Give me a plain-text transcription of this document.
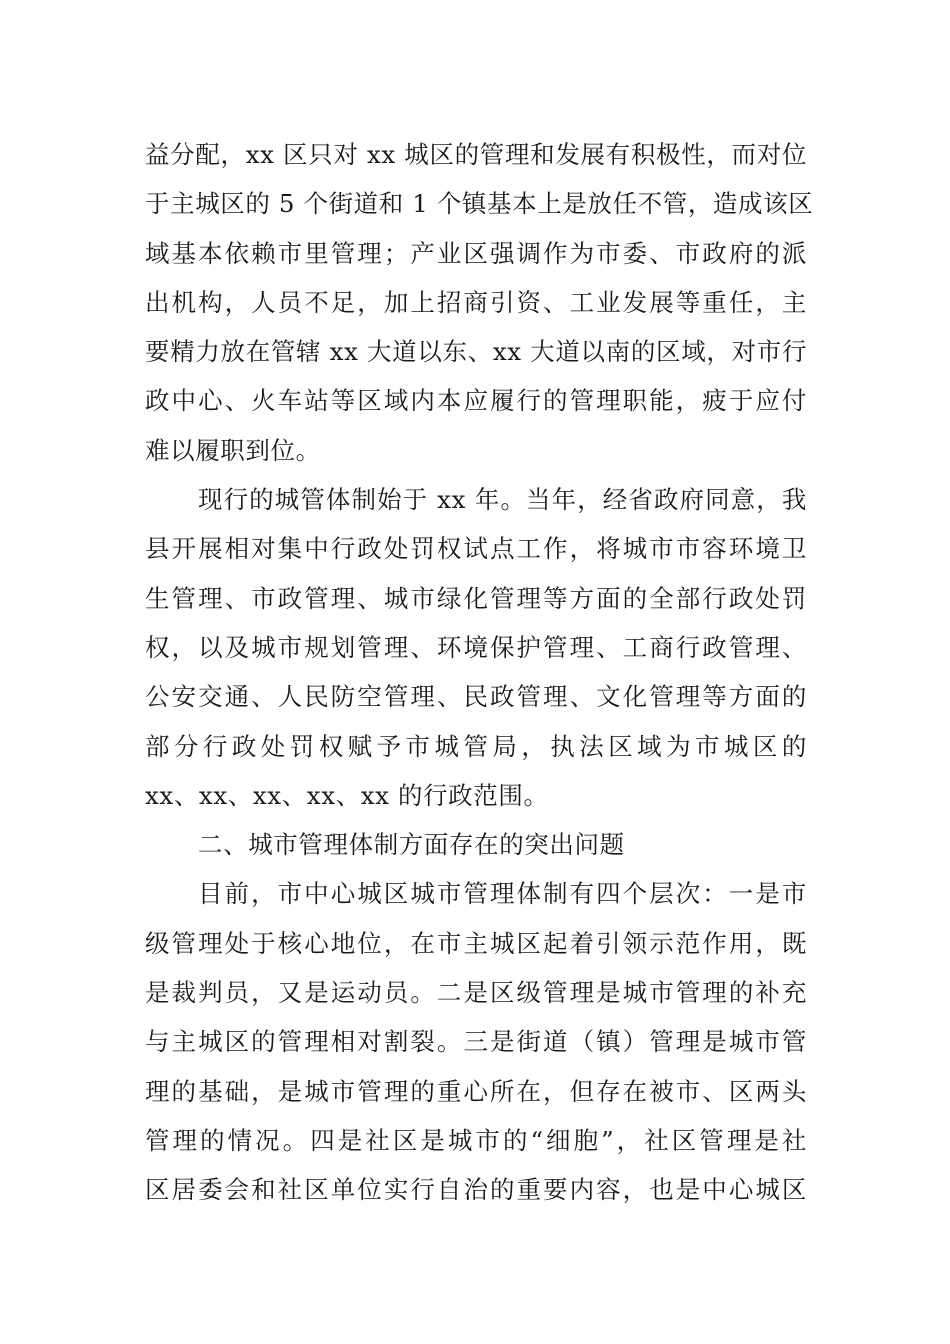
益分配，xx 区只对 xx 城区的管理和发展有积极性，而对位
于主城区的 5 个街道和 1 个镇基本上是放任不管，造成该区
域基本依赖市里管理；产业区强调作为市委、市政府的派
出机构，人员不足，加上招商引资、工业发展等重任，主
要精力放在管辖 xx 大道以东、xx 大道以南的区域，对市行
政中心、火车站等区域内本应履行的管理职能，疲于应付
难以履职到位。
现行的城管体制始于 xx 年。当年，经省政府同意，我
县开展相对集中行政处罚权试点工作，将城市市容环境卫
生管理、市政管理、城市绿化管理等方面的全部行政处罚
权，以及城市规划管理、环境保护管理、工商行政管理、
公安交通、人民防空管理、民政管理、文化管理等方面的
部分行政处罚权赋予市城管局，执法区域为市城区的
xx、xx、xx、xx、xx 的行政范围。
二、城市管理体制方面存在的突出问题
目前，市中心城区城市管理体制有四个层次：一是市
级管理处于核心地位，在市主城区起着引领示范作用，既
是裁判员，又是运动员。二是区级管理是城市管理的补充
与主城区的管理相对割裂。三是街道（镇）管理是城市管
理的基础，是城市管理的重心所在，但存在被市、区两头
管理的情况。四是社区是城市的“细胞”，社区管理是社
区居委会和社区单位实行自治的重要内容，也是中心城区
